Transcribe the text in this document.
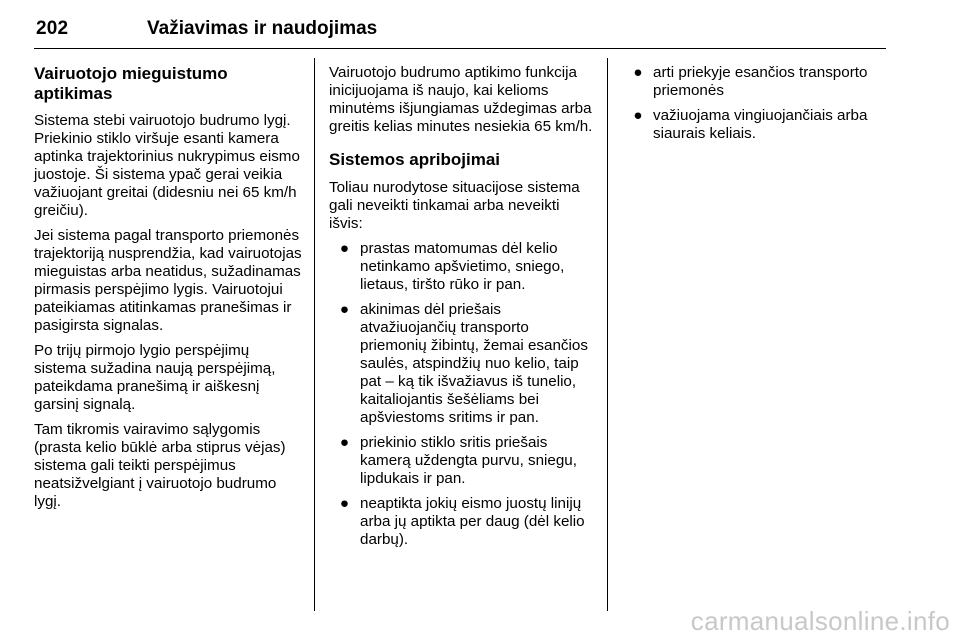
202	Važiavimas ir naudojimas
Vairuotojo mieguistumo aptikimas

Sistema stebi vairuotojo budrumo lygį. Priekinio stiklo viršuje esanti kamera aptinka trajektorinius nukrypimus eismo juostoje. Ši sistema ypač gerai veikia važiuojant greitai (didesniu nei 65 km/h greičiu).

Jei sistema pagal transporto priemonės trajektoriją nusprendžia, kad vairuotojas mieguistas arba neatidus, sužadinamas pirmasis perspėjimo lygis. Vairuotojui pateikiamas atitinkamas pranešimas ir pasigirsta signalas.

Po trijų pirmojo lygio perspėjimų sistema sužadina naują perspėjimą, pateikdama pranešimą ir aiškesnį garsinį signalą.

Tam tikromis vairavimo sąlygomis (prasta kelio būklė arba stiprus vėjas) sistema gali teikti perspėjimus neatsižvelgiant į vairuotojo budrumo lygį.

Vairuotojo budrumo aptikimo funkcija inicijuojama iš naujo, kai kelioms minutėms išjungiamas uždegimas arba greitis kelias minutes nesiekia 65 km/h.

Sistemos apribojimai

Toliau nurodytose situacijose sistema gali neveikti tinkamai arba neveikti išvis:

● prastas matomumas dėl kelio netinkamo apšvietimo, sniego, lietaus, tiršto rūko ir pan.
● akinimas dėl priešais atvažiuojančių transporto priemonių žibintų, žemai esančios saulės, atspindžių nuo kelio, taip pat – ką tik išvažiavus iš tunelio, kaitaliojantis šešėliams bei apšviestoms sritims ir pan.
● priekinio stiklo sritis priešais kamerą uždengta purvu, sniegu, lipdukais ir pan.
● neaptikta jokių eismo juostų linijų arba jų aptikta per daug (dėl kelio darbų).
● arti priekyje esančios transporto priemonės
● važiuojama vingiuojančiais arba siaurais keliais.
carmanualsonline.info
